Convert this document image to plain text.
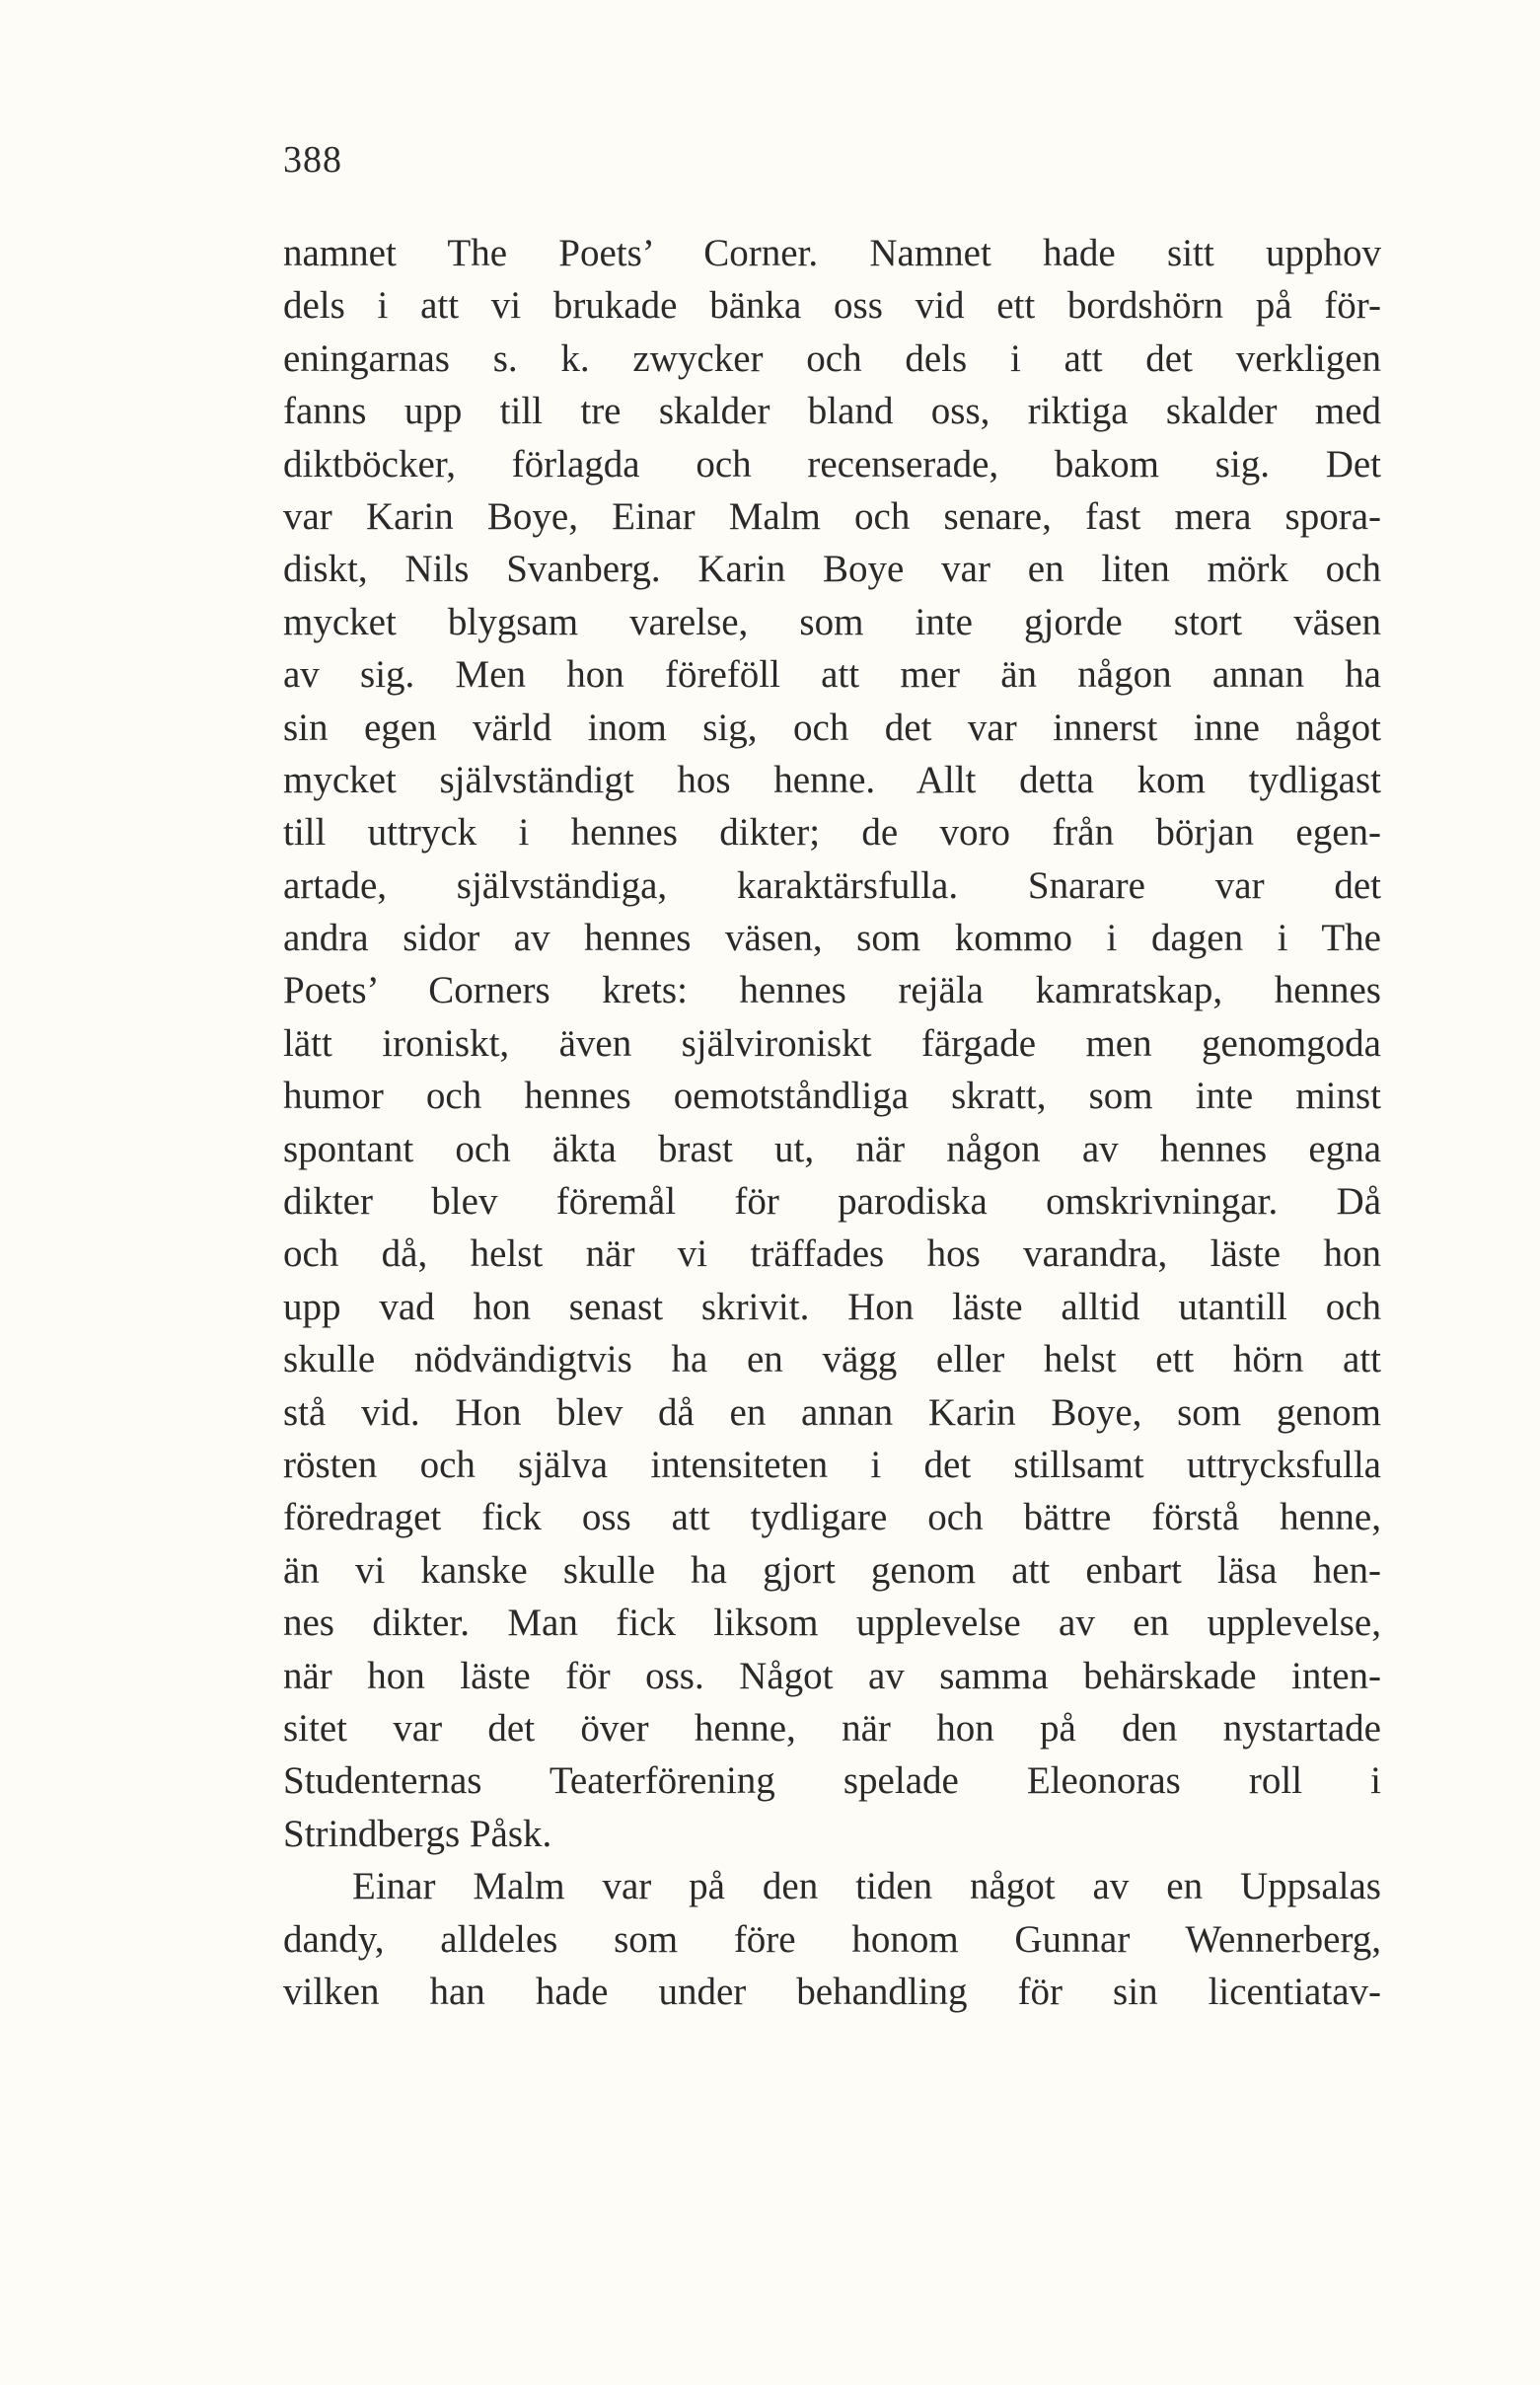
388
namnet The Poets’ Corner. Namnet hade sitt upphov
dels i att vi brukade bänka oss vid ett bordshörn på för-
eningarnas s. k. zwycker och dels i att det verkligen
fanns upp till tre skalder bland oss, riktiga skalder med
diktböcker, förlagda och recenserade, bakom sig. Det
var Karin Boye, Einar Malm och senare, fast mera spora-
diskt, Nils Svanberg. Karin Boye var en liten mörk och
mycket blygsam varelse, som inte gjorde stort väsen
av sig. Men hon föreföll att mer än någon annan ha
sin egen värld inom sig, och det var innerst inne något
mycket självständigt hos henne. Allt detta kom tydligast
till uttryck i hennes dikter; de voro från början egen-
artade, självständiga, karaktärsfulla. Snarare var det
andra sidor av hennes väsen, som kommo i dagen i The
Poets’ Corners krets: hennes rejäla kamratskap, hennes
lätt ironiskt, även självironiskt färgade men genomgoda
humor och hennes oemotståndliga skratt, som inte minst
spontant och äkta brast ut, när någon av hennes egna
dikter blev föremål för parodiska omskrivningar. Då
och då, helst när vi träffades hos varandra, läste hon
upp vad hon senast skrivit. Hon läste alltid utantill och
skulle nödvändigtvis ha en vägg eller helst ett hörn att
stå vid. Hon blev då en annan Karin Boye, som genom
rösten och själva intensiteten i det stillsamt uttrycksfulla
föredraget fick oss att tydligare och bättre förstå henne,
än vi kanske skulle ha gjort genom att enbart läsa hen-
nes dikter. Man fick liksom upplevelse av en upplevelse,
när hon läste för oss. Något av samma behärskade inten-
sitet var det över henne, när hon på den nystartade
Studenternas Teaterförening spelade Eleonoras roll i
Strindbergs Påsk.
Einar Malm var på den tiden något av en Uppsalas
dandy, alldeles som före honom Gunnar Wennerberg,
vilken han hade under behandling för sin licentiatav-
